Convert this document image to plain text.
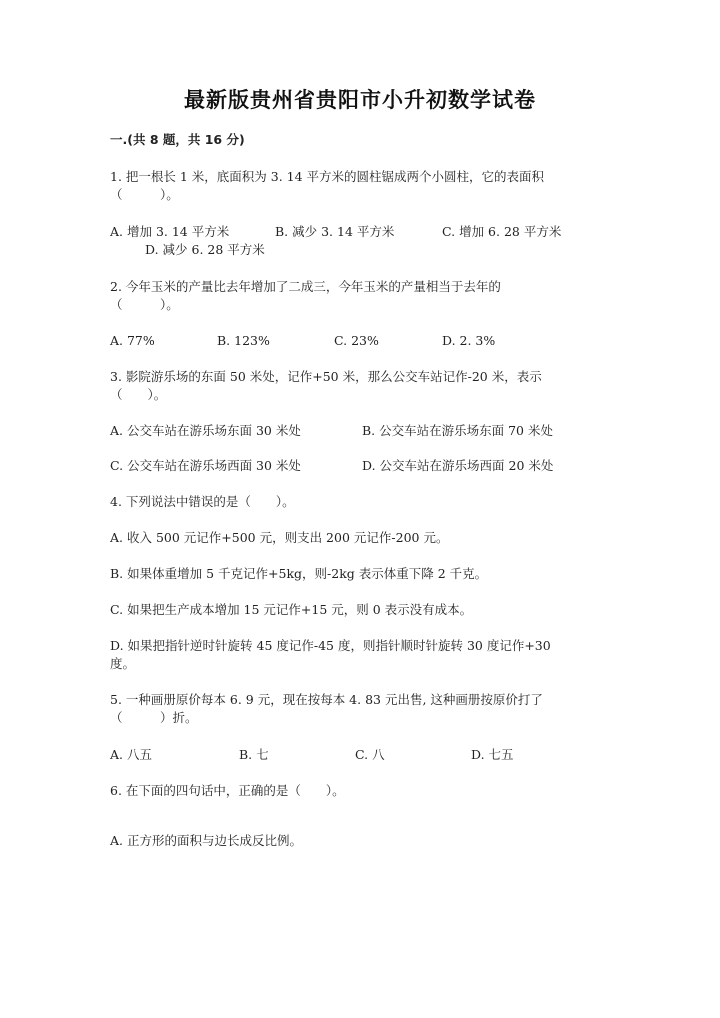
最新版贵州省贵阳市小升初数学试卷
一.(共 8 题，共 16 分)
1. 把一根长 1 米，底面积为 3. 14 平方米的圆柱锯成两个小圆柱，它的表面积
（　　　）。
A. 增加 3. 14 平方米	B. 减少 3. 14 平方米	C. 增加 6. 28 平方米
D. 减少 6. 28 平方米
2. 今年玉米的产量比去年增加了二成三，今年玉米的产量相当于去年的
（　　　）。
A. 77%	B. 123%	C. 23%	D. 2. 3%
3. 影院游乐场的东面 50 米处，记作+50 米，那么公交车站记作-20 米，表示
（　　）。
A. 公交车站在游乐场东面 30 米处	B. 公交车站在游乐场东面 70 米处
C. 公交车站在游乐场西面 30 米处	D. 公交车站在游乐场西面 20 米处
4. 下列说法中错误的是（　　）。
A. 收入 500 元记作+500 元，则支出 200 元记作-200 元。
B. 如果体重增加 5 千克记作+5kg，则-2kg 表示体重下降 2 千克。
C. 如果把生产成本增加 15 元记作+15 元，则 0 表示没有成本。
D. 如果把指针逆时针旋转 45 度记作-45 度，则指针顺时针旋转 30 度记作+30
度。
5. 一种画册原价每本 6. 9 元，现在按每本 4. 83 元出售, 这种画册按原价打了
（　　　）折。
A. 八五	B. 七	C. 八	D. 七五
6. 在下面的四句话中，正确的是（　　）。
A. 正方形的面积与边长成反比例。
